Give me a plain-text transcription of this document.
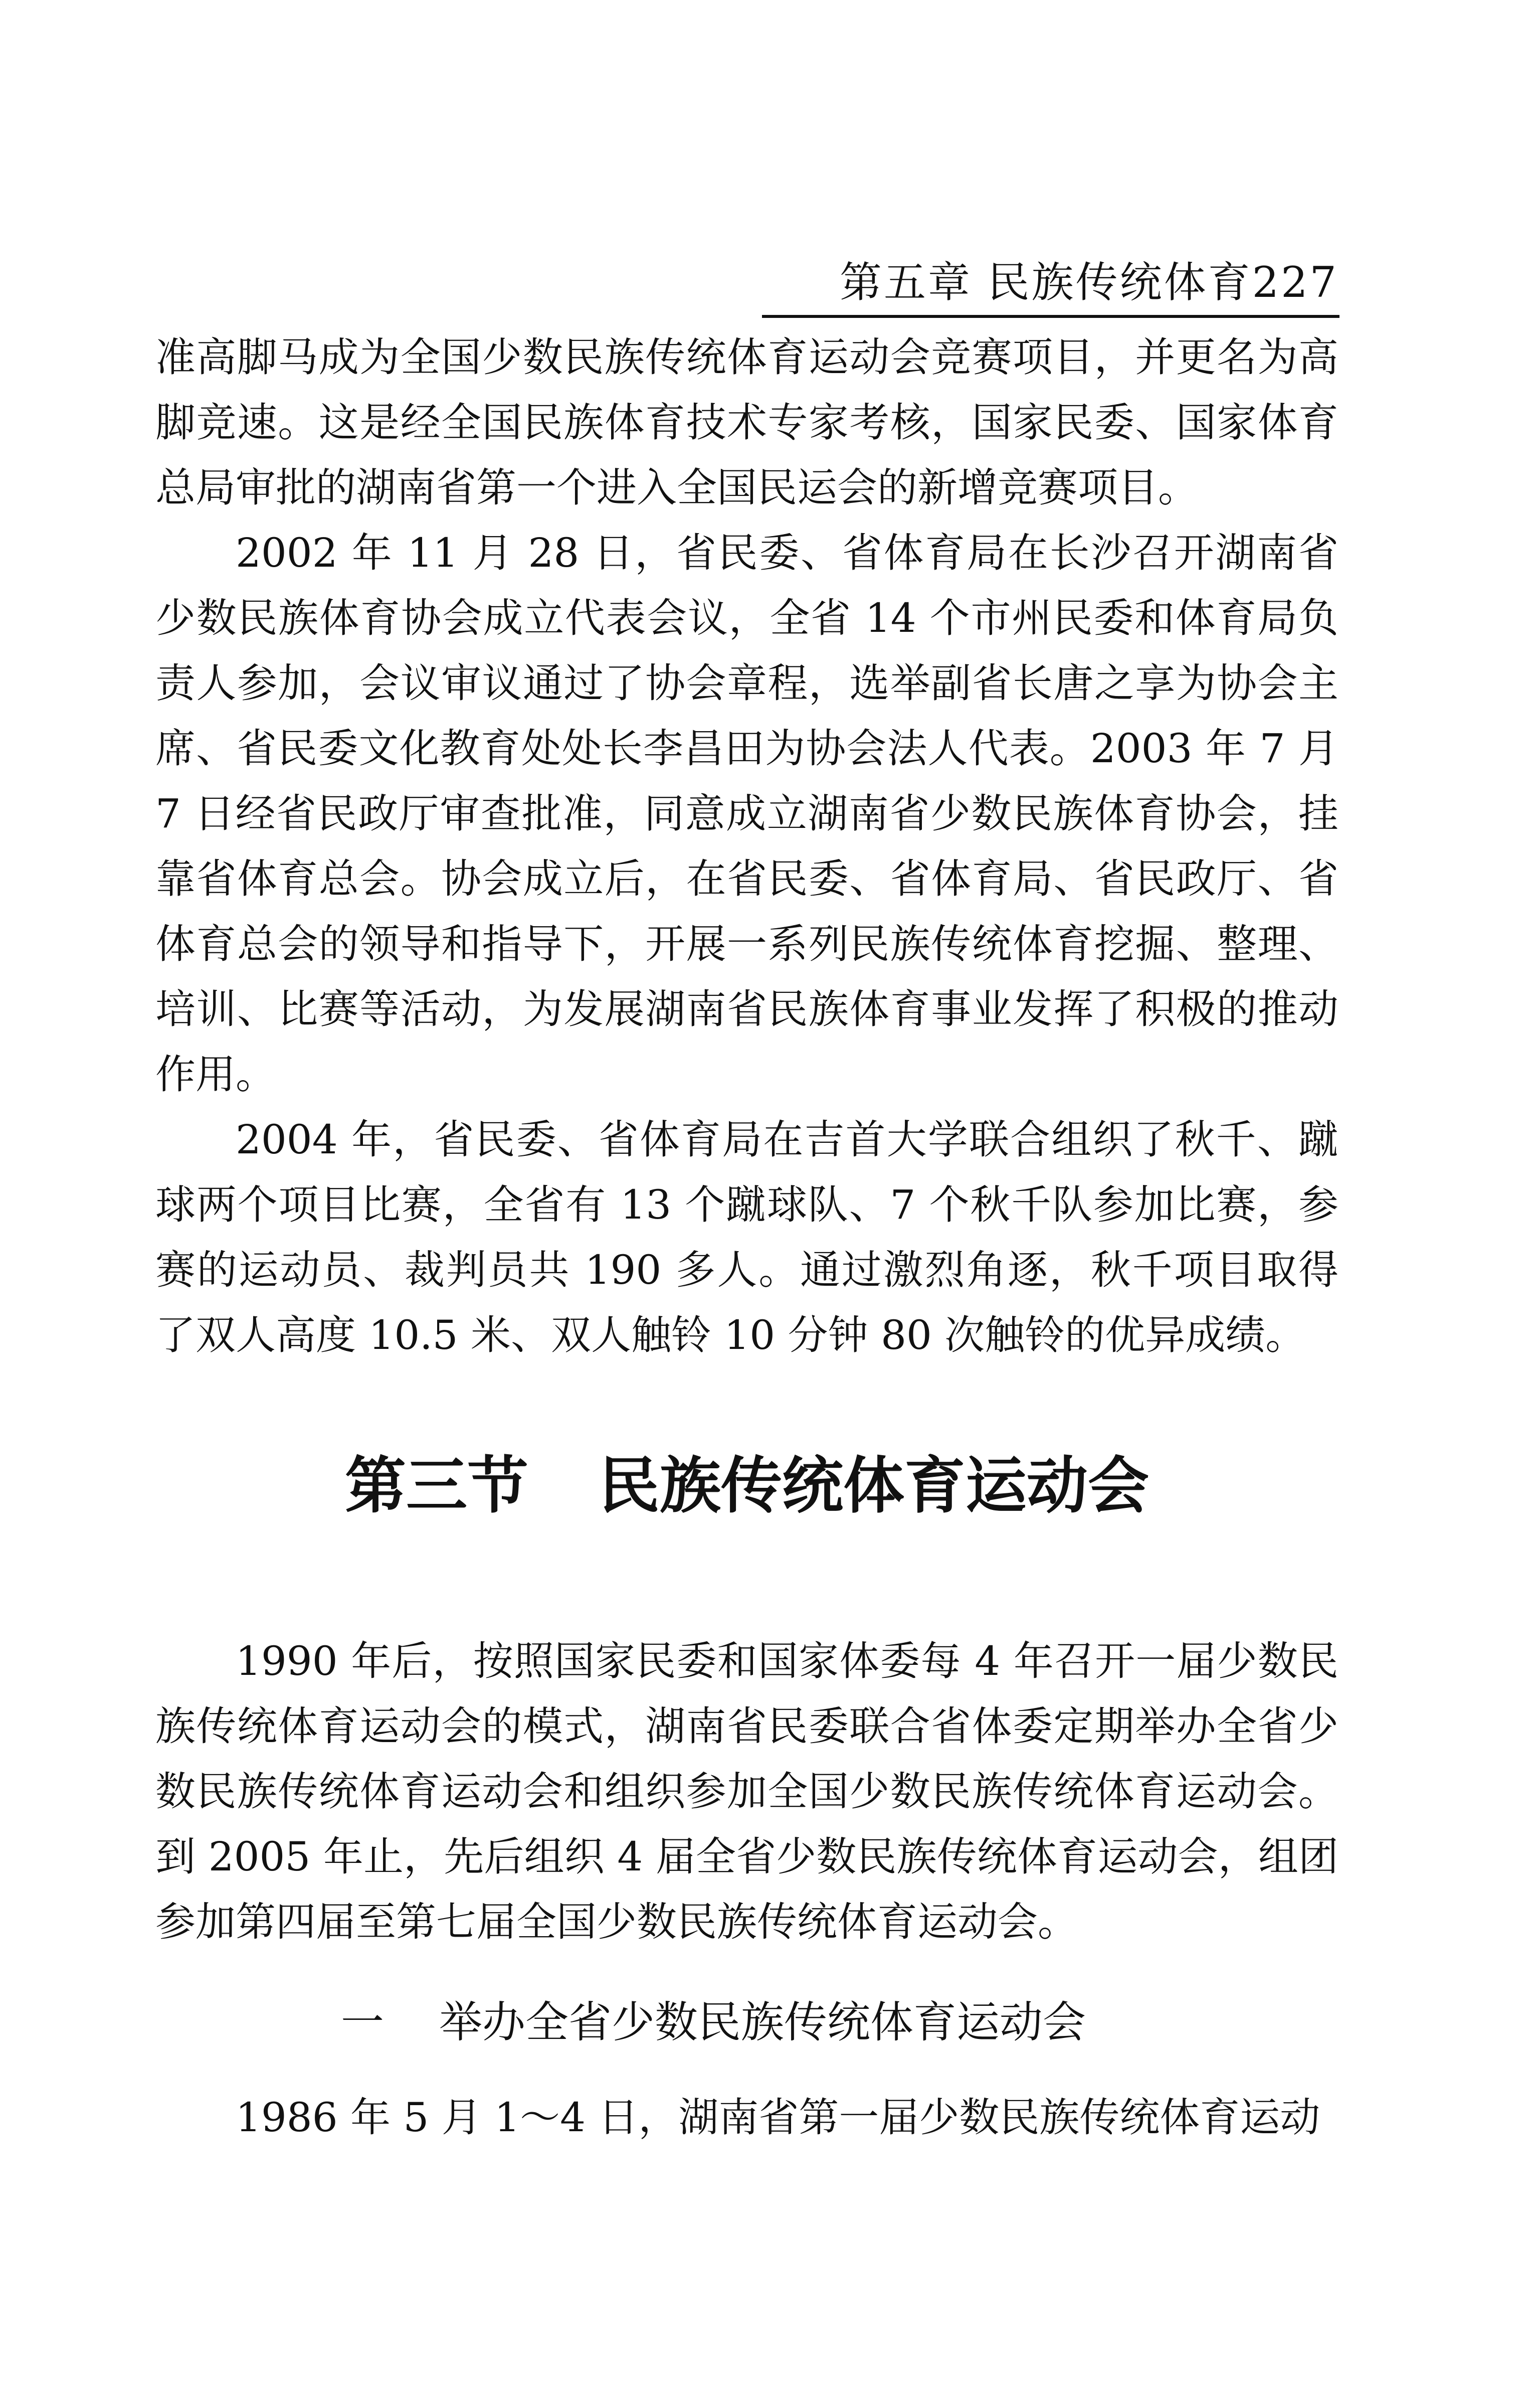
第五章 民族传统体育227

准高脚马成为全国少数民族传统体育运动会竞赛项目，并更名为高脚竞速。这是经全国民族体育技术专家考核，国家民委、国家体育总局审批的湖南省第一个进入全国民运会的新增竞赛项目。

2002 年 11 月 28 日，省民委、省体育局在长沙召开湖南省少数民族体育协会成立代表会议，全省 14 个市州民委和体育局负责人参加，会议审议通过了协会章程，选举副省长唐之享为协会主席、省民委文化教育处处长李昌田为协会法人代表。2003 年 7 月 7 日经省民政厅审查批准，同意成立湖南省少数民族体育协会，挂靠省体育总会。协会成立后，在省民委、省体育局、省民政厅、省体育总会的领导和指导下，开展一系列民族传统体育挖掘、整理、培训、比赛等活动，为发展湖南省民族体育事业发挥了积极的推动作用。

2004 年，省民委、省体育局在吉首大学联合组织了秋千、蹴球两个项目比赛，全省有 13 个蹴球队、7 个秋千队参加比赛，参赛的运动员、裁判员共 190 多人。通过激烈角逐，秋千项目取得了双人高度 10.5 米、双人触铃 10 分钟 80 次触铃的优异成绩。

第三节 民族传统体育运动会

1990 年后，按照国家民委和国家体委每 4 年召开一届少数民族传统体育运动会的模式，湖南省民委联合省体委定期举办全省少数民族传统体育运动会和组织参加全国少数民族传统体育运动会。到 2005 年止，先后组织 4 届全省少数民族传统体育运动会，组团参加第四届至第七届全国少数民族传统体育运动会。

一 举办全省少数民族传统体育运动会

1986 年 5 月 1～4 日，湖南省第一届少数民族传统体育运动
